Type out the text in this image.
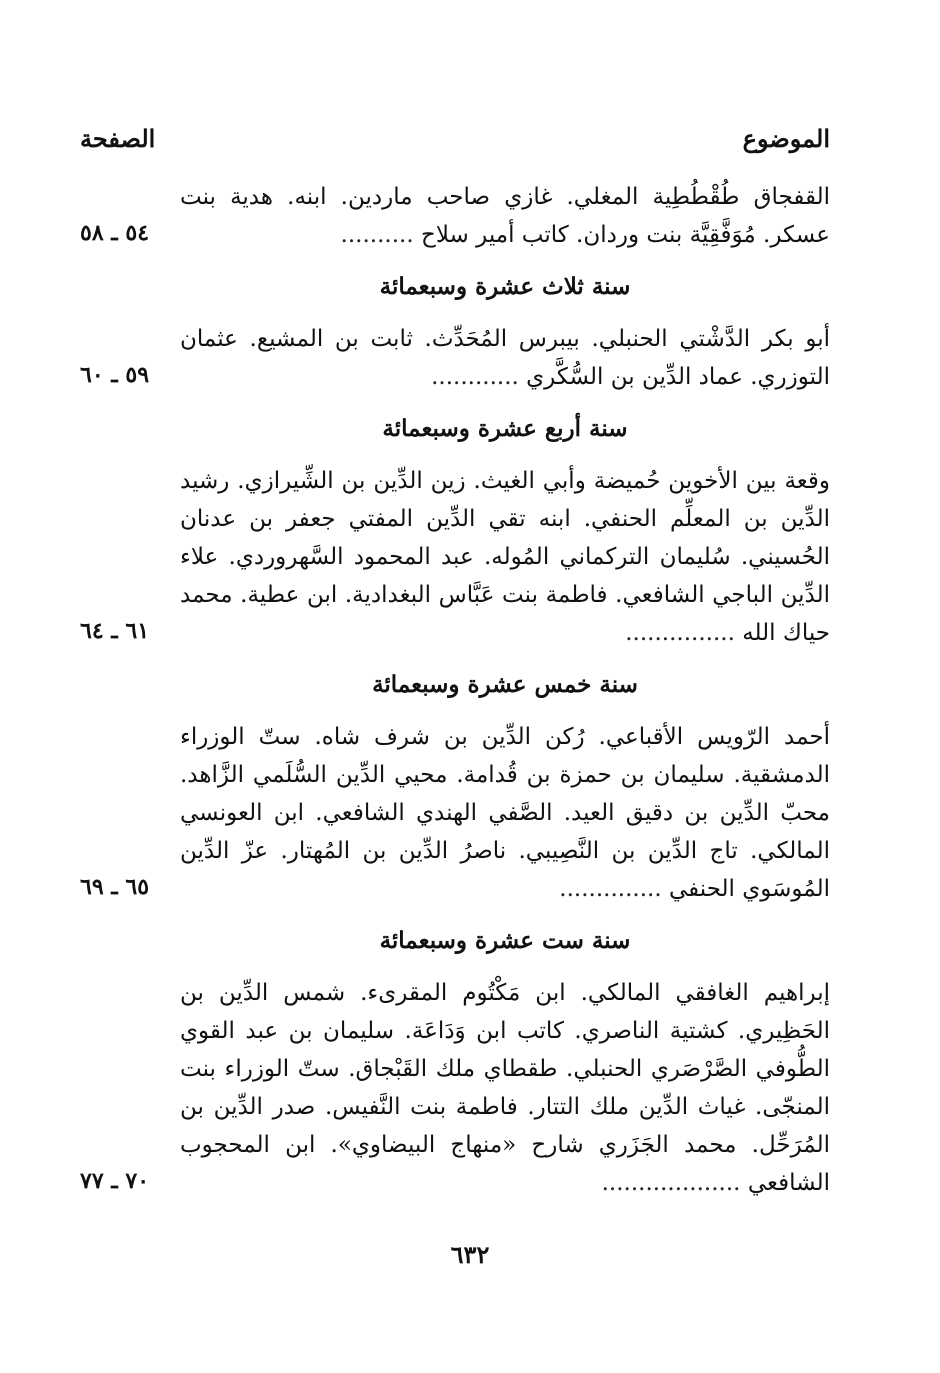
الموضوع
الصفحة
القفجاق طُقْطُطِية المغلي. غازي صاحب ماردين. ابنه. هدية بنت عسكر. مُوَفَّقِيَّة بنت وردان. كاتب أمير سلاح ..........
٥٤ ـ ٥٨
سنة ثلاث عشرة وسبعمائة
أبو بكر الدَّشْتي الحنبلي. بيبرس المُحَدِّث. ثابت بن المشيع. عثمان التوزري. عماد الدِّين بن السُّكَّري ............
٥٩ ـ ٦٠
سنة أربع عشرة وسبعمائة
وقعة بين الأخوين حُميضة وأبي الغيث. زين الدِّين بن الشِّيرازي. رشيد الدِّين بن المعلِّم الحنفي. ابنه تقي الدِّين المفتي جعفر بن عدنان الحُسيني. سُليمان التركماني المُوله. عبد المحمود السَّهروردي. علاء الدِّين الباجي الشافعي. فاطمة بنت عَبَّاس البغدادية. ابن عطية. محمد حياك الله ...............
٦١ ـ ٦٤
سنة خمس عشرة وسبعمائة
أحمد الرّويس الأقباعي. رُكن الدِّين بن شرف شاه. ستّ الوزراء الدمشقية. سليمان بن حمزة بن قُدامة. محيي الدِّين السُّلَمي الزَّاهد. محبّ الدِّين بن دقيق العيد. الصَّفي الهندي الشافعي. ابن العونسي المالكي. تاج الدِّين بن النَّصِيبي. ناصرُ الدِّين بن المُهتار. عزّ الدِّين المُوسَوي الحنفي ..............
٦٥ ـ ٦٩
سنة ست عشرة وسبعمائة
إبراهيم الغافقي المالكي. ابن مَكْتُوم المقرىء. شمس الدِّين بن الحَظِيري. كشتية الناصري. كاتب ابن وَدَاعَة. سليمان بن عبد القوي الطُّوفي الصَّرْصَري الحنبلي. طقطاي ملك القَبْجاق. ستّ الوزراء بنت المنجّى. غياث الدِّين ملك التتار. فاطمة بنت النَّفيس. صدر الدِّين بن المُرَحِّل. محمد الجَزَري شارح «منهاج البيضاوي». ابن المحجوب الشافعي ...................
٧٠ ـ ٧٧
٦٣٢
